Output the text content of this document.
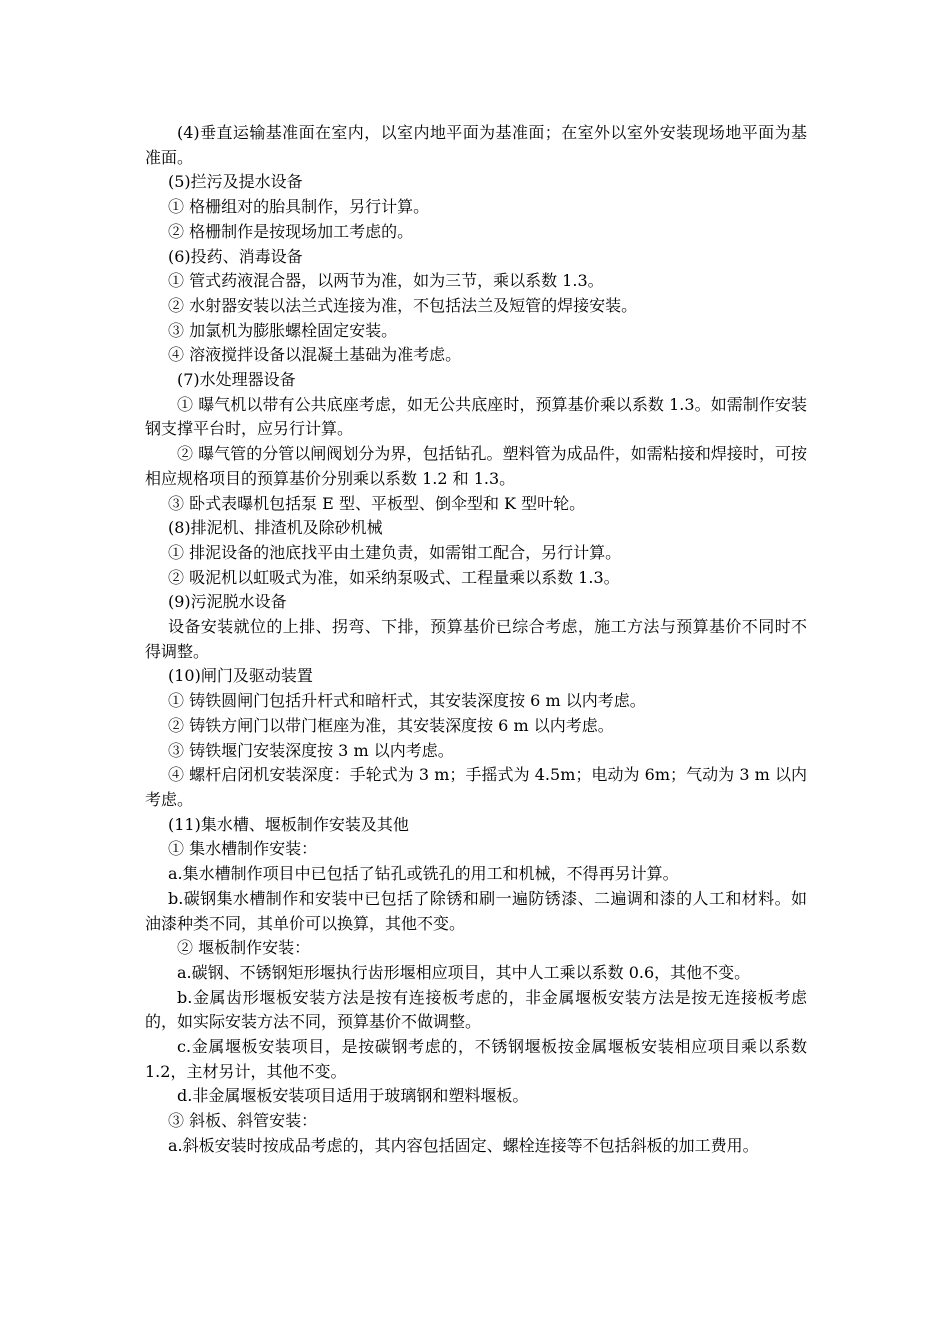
(4)垂直运输基准面在室内，以室内地平面为基准面；在室外以室外安装现场地平面为基准面。

(5)拦污及提水设备

① 格栅组对的胎具制作，另行计算。

② 格栅制作是按现场加工考虑的。

(6)投药、消毒设备

① 管式药液混合器，以两节为准，如为三节，乘以系数 1.3。

② 水射器安装以法兰式连接为准，不包括法兰及短管的焊接安装。

③ 加氯机为膨胀螺栓固定安装。

④ 溶液搅拌设备以混凝土基础为准考虑。

(7)水处理器设备

① 曝气机以带有公共底座考虑，如无公共底座时，预算基价乘以系数 1.3。如需制作安装钢支撑平台时，应另行计算。

② 曝气管的分管以闸阀划分为界，包括钻孔。塑料管为成品件，如需粘接和焊接时，可按相应规格项目的预算基价分别乘以系数 1.2 和 1.3。

③ 卧式表曝机包括泵 E 型、平板型、倒伞型和 K 型叶轮。

(8)排泥机、排渣机及除砂机械

① 排泥设备的池底找平由土建负责，如需钳工配合，另行计算。

② 吸泥机以虹吸式为准，如采纳泵吸式、工程量乘以系数 1.3。

(9)污泥脱水设备

设备安装就位的上排、拐弯、下排，预算基价已综合考虑，施工方法与预算基价不同时不得调整。

(10)闸门及驱动装置

① 铸铁圆闸门包括升杆式和暗杆式，其安装深度按 6 m 以内考虑。

② 铸铁方闸门以带门框座为准，其安装深度按 6 m 以内考虑。

③ 铸铁堰门安装深度按 3 m 以内考虑。

④ 螺杆启闭机安装深度：手轮式为 3 m；手摇式为 4.5m；电动为 6m；气动为 3 m 以内考虑。

(11)集水槽、堰板制作安装及其他

① 集水槽制作安装：

a.集水槽制作项目中已包括了钻孔或铣孔的用工和机械，不得再另计算。

b.碳钢集水槽制作和安装中已包括了除锈和刷一遍防锈漆、二遍调和漆的人工和材料。如油漆种类不同，其单价可以换算，其他不变。

② 堰板制作安装：

a.碳钢、不锈钢矩形堰执行齿形堰相应项目，其中人工乘以系数 0.6，其他不变。

b.金属齿形堰板安装方法是按有连接板考虑的，非金属堰板安装方法是按无连接板考虑的，如实际安装方法不同，预算基价不做调整。

c.金属堰板安装项目，是按碳钢考虑的，不锈钢堰板按金属堰板安装相应项目乘以系数 1.2，主材另计，其他不变。

d.非金属堰板安装项目适用于玻璃钢和塑料堰板。

③ 斜板、斜管安装：

a.斜板安装时按成品考虑的，其内容包括固定、螺栓连接等不包括斜板的加工费用。
